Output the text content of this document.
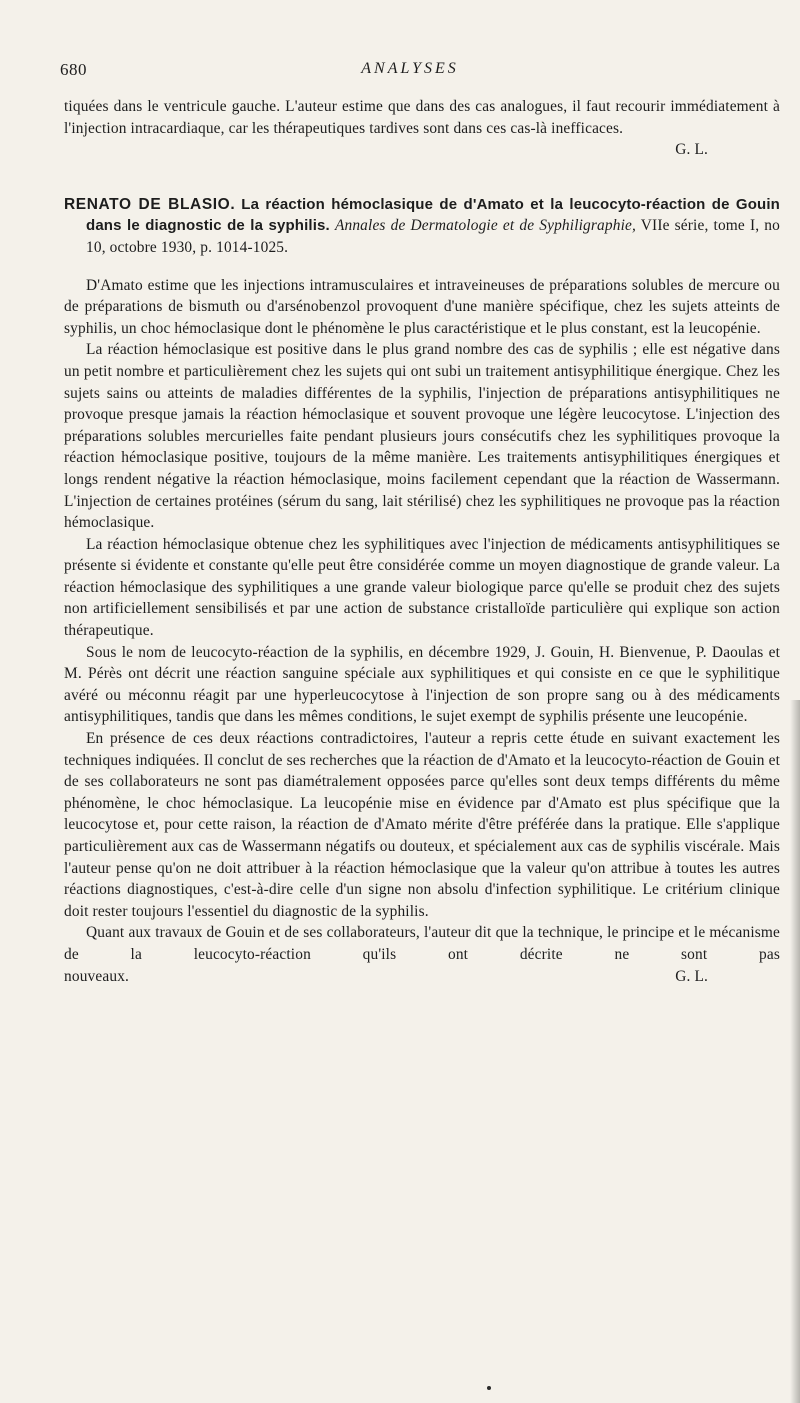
680	ANALYSES

tiquées dans le ventricule gauche. L'auteur estime que dans des cas analogues, il faut recourir immédiatement à l'injection intracardiaque, car les thérapeutiques tardives sont dans ces cas-là inefficaces.

G. L.

RENATO DE BLASIO. La réaction hémoclasique de d'Amato et la leucocyto-réaction de Gouin dans le diagnostic de la syphilis. Annales de Dermatologie et de Syphiligraphie, VIIe série, tome I, no 10, octobre 1930, p. 1014-1025.

D'Amato estime que les injections intramusculaires et intraveineuses de préparations solubles de mercure ou de préparations de bismuth ou d'arsénobenzol provoquent d'une manière spécifique, chez les sujets atteints de syphilis, un choc hémoclasique dont le phénomène le plus caractéristique et le plus constant, est la leucopénie.

La réaction hémoclasique est positive dans le plus grand nombre des cas de syphilis ; elle est négative dans un petit nombre et particulièrement chez les sujets qui ont subi un traitement antisyphilitique énergique. Chez les sujets sains ou atteints de maladies différentes de la syphilis, l'injection de préparations antisyphilitiques ne provoque presque jamais la réaction hémoclasique et souvent provoque une légère leucocytose. L'injection des préparations solubles mercurielles faite pendant plusieurs jours consécutifs chez les syphilitiques provoque la réaction hémoclasique positive, toujours de la même manière. Les traitements antisyphilitiques énergiques et longs rendent négative la réaction hémoclasique, moins facilement cependant que la réaction de Wassermann. L'injection de certaines protéines (sérum du sang, lait stérilisé) chez les syphilitiques ne provoque pas la réaction hémoclasique.

La réaction hémoclasique obtenue chez les syphilitiques avec l'injection de médicaments antisyphilitiques se présente si évidente et constante qu'elle peut être considérée comme un moyen diagnostique de grande valeur. La réaction hémoclasique des syphilitiques a une grande valeur biologique parce qu'elle se produit chez des sujets non artificiellement sensibilisés et par une action de substance cristalloïde particulière qui explique son action thérapeutique.

Sous le nom de leucocyto-réaction de la syphilis, en décembre 1929, J. Gouin, H. Bienvenue, P. Daoulas et M. Pérès ont décrit une réaction sanguine spéciale aux syphilitiques et qui consiste en ce que le syphilitique avéré ou méconnu réagit par une hyperleucocytose à l'injection de son propre sang ou à des médicaments antisyphilitiques, tandis que dans les mêmes conditions, le sujet exempt de syphilis présente une leucopénie.

En présence de ces deux réactions contradictoires, l'auteur a repris cette étude en suivant exactement les techniques indiquées. Il conclut de ses recherches que la réaction de d'Amato et la leucocyto-réaction de Gouin et de ses collaborateurs ne sont pas diamétralement opposées parce qu'elles sont deux temps différents du même phénomène, le choc hémoclasique. La leucopénie mise en évidence par d'Amato est plus spécifique que la leucocytose et, pour cette raison, la réaction de d'Amato mérite d'être préférée dans la pratique. Elle s'applique particulièrement aux cas de Wassermann négatifs ou douteux, et spécialement aux cas de syphilis viscérale. Mais l'auteur pense qu'on ne doit attribuer à la réaction hémoclasique que la valeur qu'on attribue à toutes les autres réactions diagnostiques, c'est-à-dire celle d'un signe non absolu d'infection syphilitique. Le critérium clinique doit rester toujours l'essentiel du diagnostic de la syphilis.

Quant aux travaux de Gouin et de ses collaborateurs, l'auteur dit que la technique, le principe et le mécanisme de la leucocyto-réaction qu'ils ont décrite ne sont pas

nouveaux.	G. L.
